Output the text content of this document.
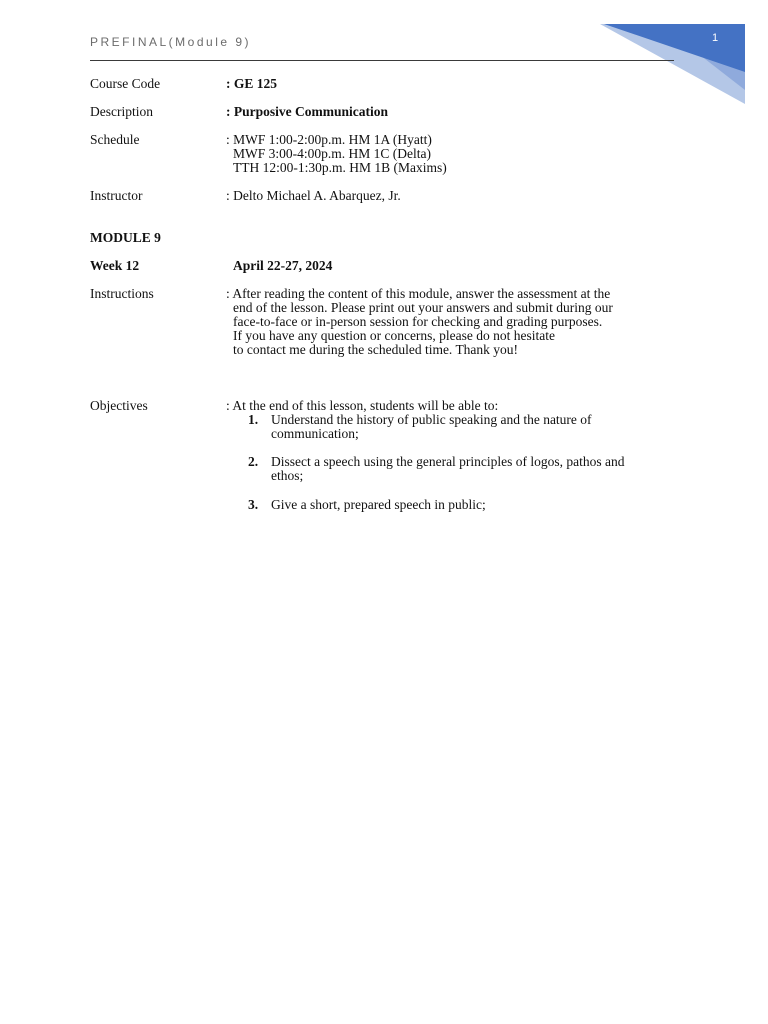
1
PREFINAL(Module 9)
Course Code	: GE 125
Description	: Purposive Communication
Schedule	: MWF 1:00-2:00p.m. HM 1A (Hyatt)
MWF 3:00-4:00p.m. HM 1C (Delta)
TTH 12:00-1:30p.m. HM 1B (Maxims)
Instructor	: Delto Michael A. Abarquez, Jr.
MODULE 9
Week 12	April 22-27, 2024
Instructions	: After reading the content of this module, answer the assessment at the
end of the lesson. Please print out your answers and submit during our
face-to-face or in-person session for checking and grading purposes.
If you have any question or concerns, please do not hesitate
to contact me during the scheduled time. Thank you!
Objectives	: At the end of this lesson, students will be able to:
1. Understand the history of public speaking and the nature of
communication;
2. Dissect a speech using the general principles of logos, pathos and
ethos;
3. Give a short, prepared speech in public;
